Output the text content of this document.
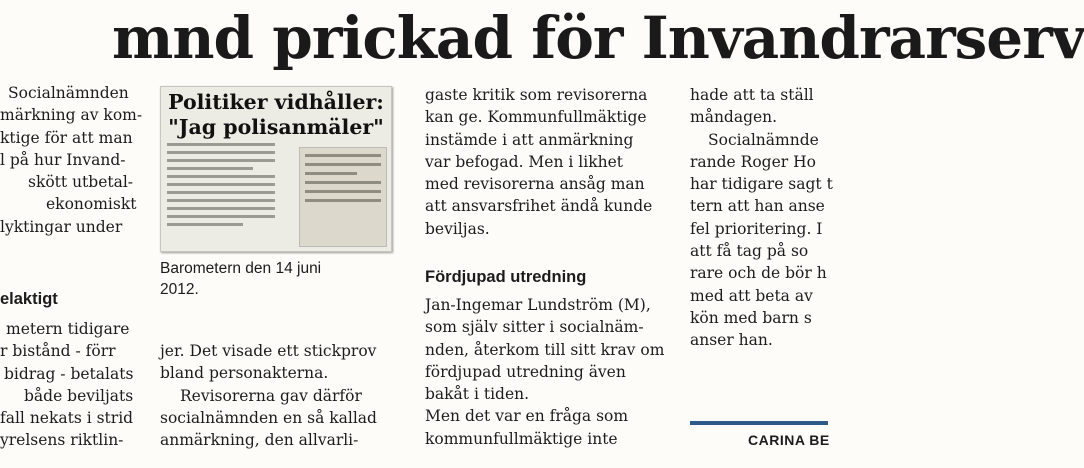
mnd prickad för Invandrarserv
Socialnämnden
märkning av kom-
ktige för att man
l på hur Invand-
skött utbetal-
ekonomiskt
lyktingar under
elaktigt
metern tidigare
r bistånd - förr
bidrag - betalats
både beviljats
fall nekats i strid
yrelsens riktlin-
Politiker vidhåller:
"Jag polisanmäler"
Barometern den 14 juni
2012.
jer. Det visade ett stickprov
bland personakterna.
Revisorerna gav därför
socialnämnden en så kallad
anmärkning, den allvarli-
gaste kritik som revisorerna
kan ge. Kommunfullmäktige
instämde i att anmärkning
var befogad. Men i likhet
med revisorerna ansåg man
att ansvarsfrihet ändå kunde
beviljas.
Fördjupad utredning
Jan-Ingemar Lundström (M),
som själv sitter i socialnäm-
nden, återkom till sitt krav om
fördjupad utredning även
bakåt i tiden.
Men det var en fråga som
kommunfullmäktige inte
hade att ta ställ
måndagen.
Socialnämnde
rande Roger Ho
har tidigare sagt t
tern att han anse
fel prioritering. I
att få tag på so
rare och de bör h
med att beta av
kön med barn s
anser han.
CARINA BE
